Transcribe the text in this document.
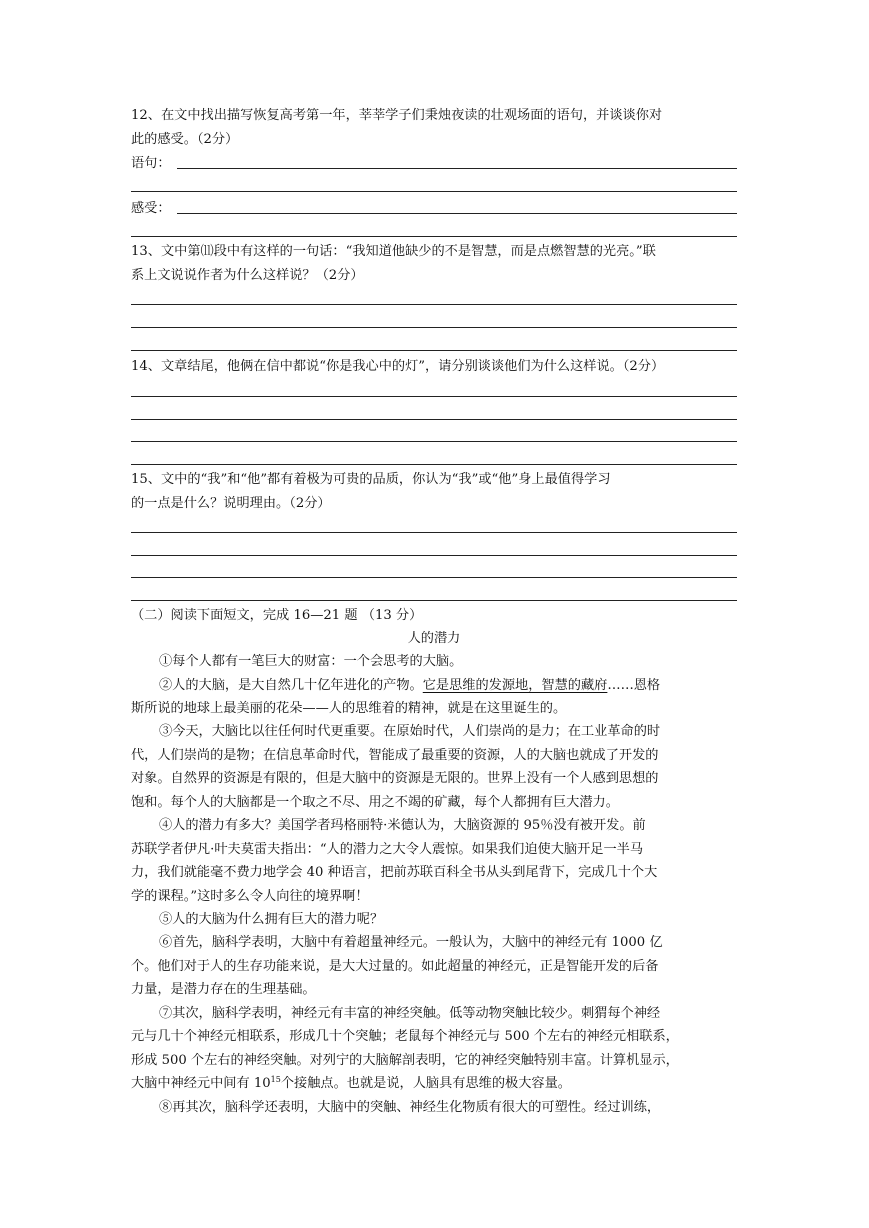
12、在文中找出描写恢复高考第一年，莘莘学子们秉烛夜读的壮观场面的语句，并谈谈你对
此的感受。（2分）
语句：
感受：
13、文中第⑾段中有这样的一句话：“我知道他缺少的不是智慧，而是点燃智慧的光亮。”联
系上文说说作者为什么这样说？（2分）
14、文章结尾，他俩在信中都说“你是我心中的灯”，请分别谈谈他们为什么这样说。（2分）
15、文中的“我”和“他”都有着极为可贵的品质，你认为“我”或“他”身上最值得学习
的一点是什么？说明理由。（2分）
（二）阅读下面短文，完成 16—21 题 （13 分）
人的潜力
①每个人都有一笔巨大的财富：一个会思考的大脑。
②人的大脑，是大自然几十亿年进化的产物。它是思维的发源地，智慧的藏府……恩格
斯所说的地球上最美丽的花朵——人的思维着的精神，就是在这里诞生的。
③今天，大脑比以往任何时代更重要。在原始时代，人们崇尚的是力；在工业革命的时
代，人们崇尚的是物；在信息革命时代，智能成了最重要的资源，人的大脑也就成了开发的
对象。自然界的资源是有限的，但是大脑中的资源是无限的。世界上没有一个人感到思想的
饱和。每个人的大脑都是一个取之不尽、用之不竭的矿藏，每个人都拥有巨大潜力。
④人的潜力有多大？美国学者玛格丽特·米德认为，大脑资源的 95％没有被开发。前
苏联学者伊凡·叶夫莫雷夫指出：“人的潜力之大令人震惊。如果我们迫使大脑开足一半马
力，我们就能毫不费力地学会 40 种语言，把前苏联百科全书从头到尾背下，完成几十个大
学的课程。”这时多么令人向往的境界啊！
⑤人的大脑为什么拥有巨大的潜力呢？
⑥首先，脑科学表明，大脑中有着超量神经元。一般认为，大脑中的神经元有 1000 亿
个。他们对于人的生存功能来说，是大大过量的。如此超量的神经元，正是智能开发的后备
力量，是潜力存在的生理基础。
⑦其次，脑科学表明，神经元有丰富的神经突触。低等动物突触比较少。刺猬每个神经
元与几十个神经元相联系，形成几十个突触；老鼠每个神经元与 500 个左右的神经元相联系，
形成 500 个左右的神经突触。对列宁的大脑解剖表明，它的神经突触特别丰富。计算机显示，
大脑中神经元中间有 $10^{15}$个接触点。也就是说，人脑具有思维的极大容量。
⑧再其次，脑科学还表明，大脑中的突触、神经生化物质有很大的可塑性。经过训练，
